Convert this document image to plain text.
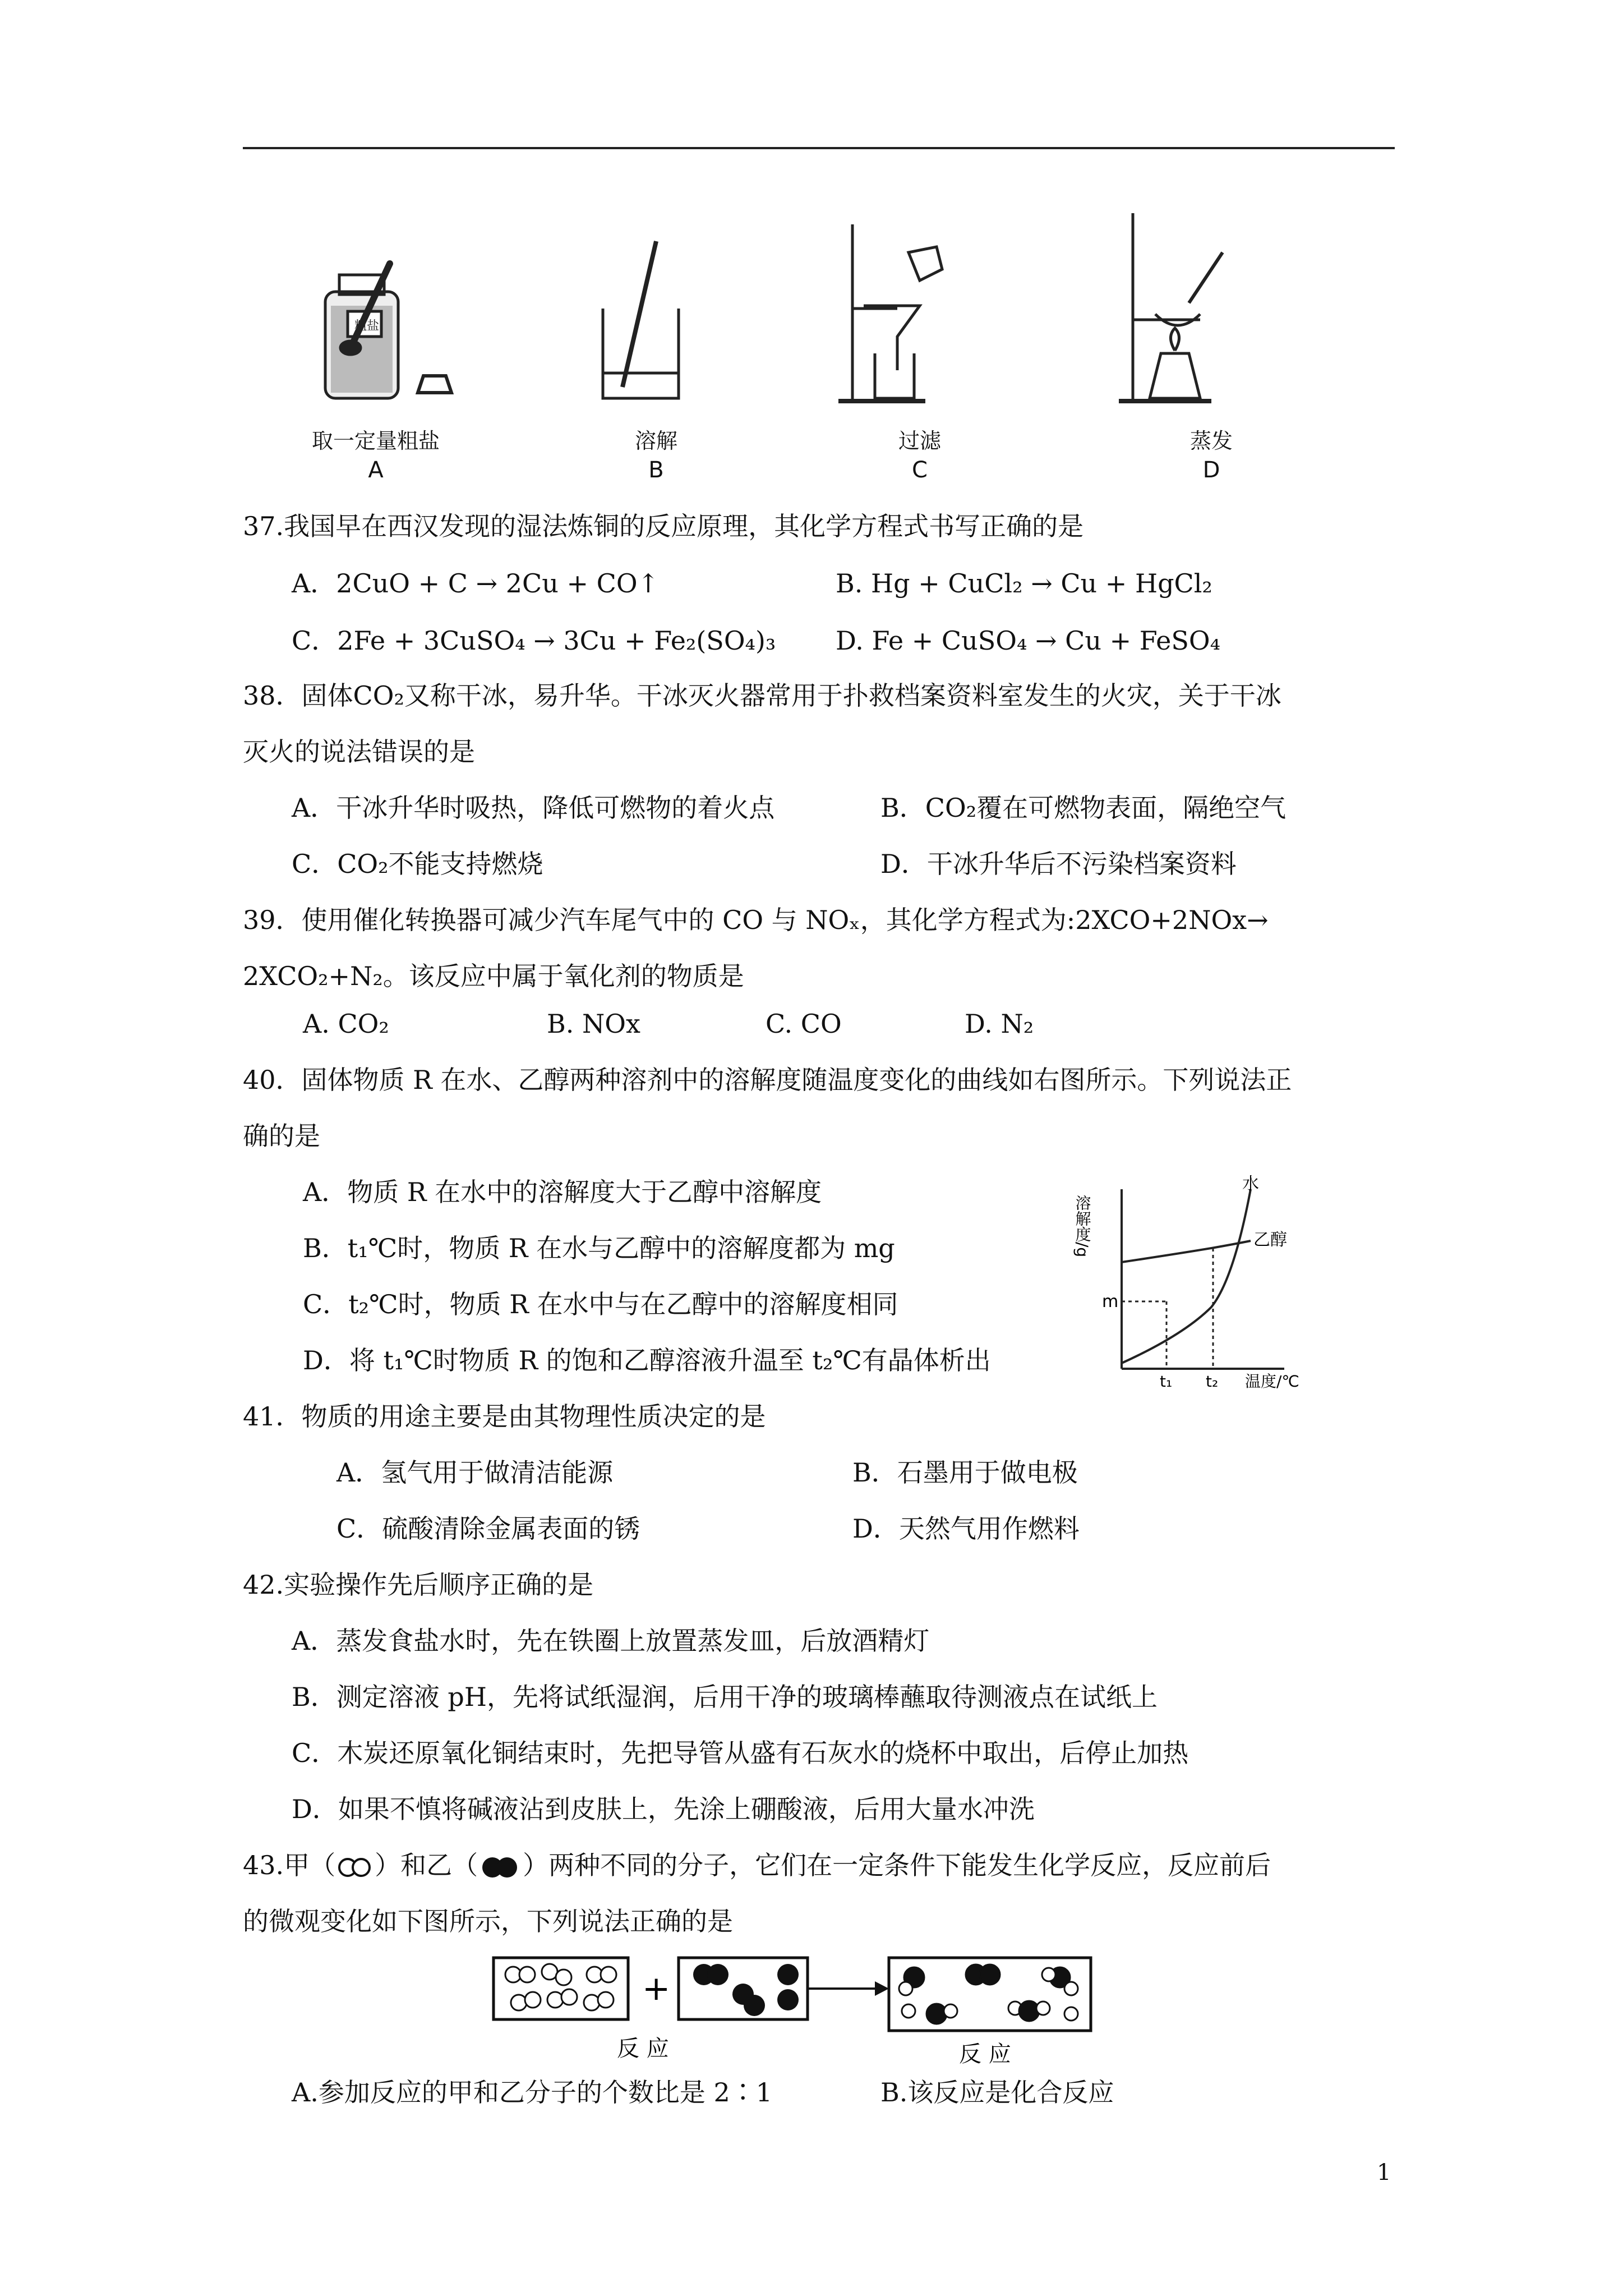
粗盐
取一定量粗盐	溶解	过滤	蒸发
A	B	C	D
37.我国早在西汉发现的湿法炼铜的反应原理，其化学方程式书写正确的是
A．2CuO + C → 2Cu + CO↑	B. Hg + CuCl₂ → Cu + HgCl₂
C．2Fe + 3CuSO₄ → 3Cu + Fe₂(SO₄)₃ D. Fe + CuSO₄ → Cu + FeSO₄
38．固体CO₂又称干冰，易升华。干冰灭火器常用于扑救档案资料室发生的火灾，关于干冰
灭火的说法错误的是
A．干冰升华时吸热，降低可燃物的着火点	B．CO₂覆在可燃物表面，隔绝空气
C．CO₂不能支持燃烧	D．干冰升华后不污染档案资料
39．使用催化转换器可减少汽车尾气中的 CO 与 NOₓ，其化学方程式为:2XCO+2NOx→
2XCO₂+N₂。该反应中属于氧化剂的物质是
A. CO₂	B. NOx	C. CO	D. N₂
40．固体物质 R 在水、乙醇两种溶剂中的溶解度随温度变化的曲线如右图所示。下列说法正
确的是
A．物质 R 在水中的溶解度大于乙醇中溶解度
B．t₁℃时，物质 R 在水与乙醇中的溶解度都为 mg
C．t₂℃时，物质 R 在水中与在乙醇中的溶解度相同
D．将 t₁℃时物质 R 的饱和乙醇溶液升温至 t₂℃有晶体析出
水
乙醇
m
t₁ t₂ 温度/℃
溶解度/g
41．物质的用途主要是由其物理性质决定的是
A．氢气用于做清洁能源	B．石墨用于做电极
C．硫酸清除金属表面的锈	D．天然气用作燃料
42.实验操作先后顺序正确的是
A．蒸发食盐水时，先在铁圈上放置蒸发皿，后放酒精灯
B．测定溶液 pH，先将试纸湿润，后用干净的玻璃棒蘸取待测液点在试纸上
C．木炭还原氧化铜结束时，先把导管从盛有石灰水的烧杯中取出，后停止加热
D．如果不慎将碱液沾到皮肤上，先涂上硼酸液，后用大量水冲洗
43.甲（ ）和乙（ ）两种不同的分子，它们在一定条件下能发生化学反应，反应前后
的微观变化如下图所示，下列说法正确的是
+
反 应	反 应
A.参加反应的甲和乙分子的个数比是 2∶1	B.该反应是化合反应
1
